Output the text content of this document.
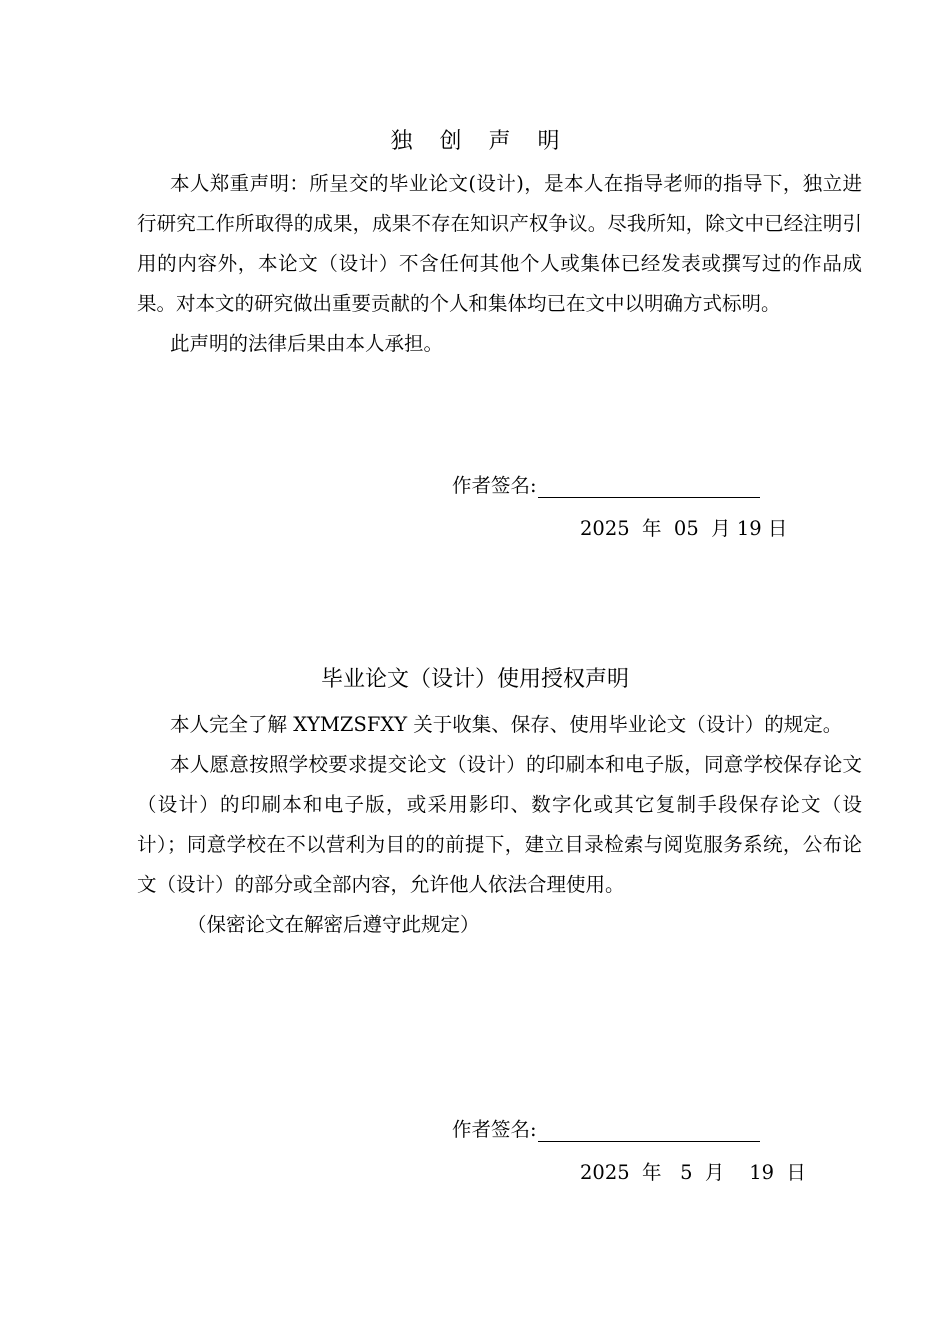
独 创 声 明

本人郑重声明：所呈交的毕业论文(设计)，是本人在指导老师的指导下，独立进行研究工作所取得的成果，成果不存在知识产权争议。尽我所知，除文中已经注明引用的内容外，本论文（设计）不含任何其他个人或集体已经发表或撰写过的作品成果。对本文的研究做出重要贡献的个人和集体均已在文中以明确方式标明。

此声明的法律后果由本人承担。

作者签名:
2025  年  05  月 19 日
毕业论文（设计）使用授权声明

本人完全了解 XYMZSFXY 关于收集、保存、使用毕业论文（设计）的规定。

本人愿意按照学校要求提交论文（设计）的印刷本和电子版，同意学校保存论文（设计）的印刷本和电子版，或采用影印、数字化或其它复制手段保存论文（设计）；同意学校在不以营利为目的的前提下，建立目录检索与阅览服务系统，公布论文（设计）的部分或全部内容，允许他人依法合理使用。

（保密论文在解密后遵守此规定）

作者签名:
2025  年   5  月    19  日
